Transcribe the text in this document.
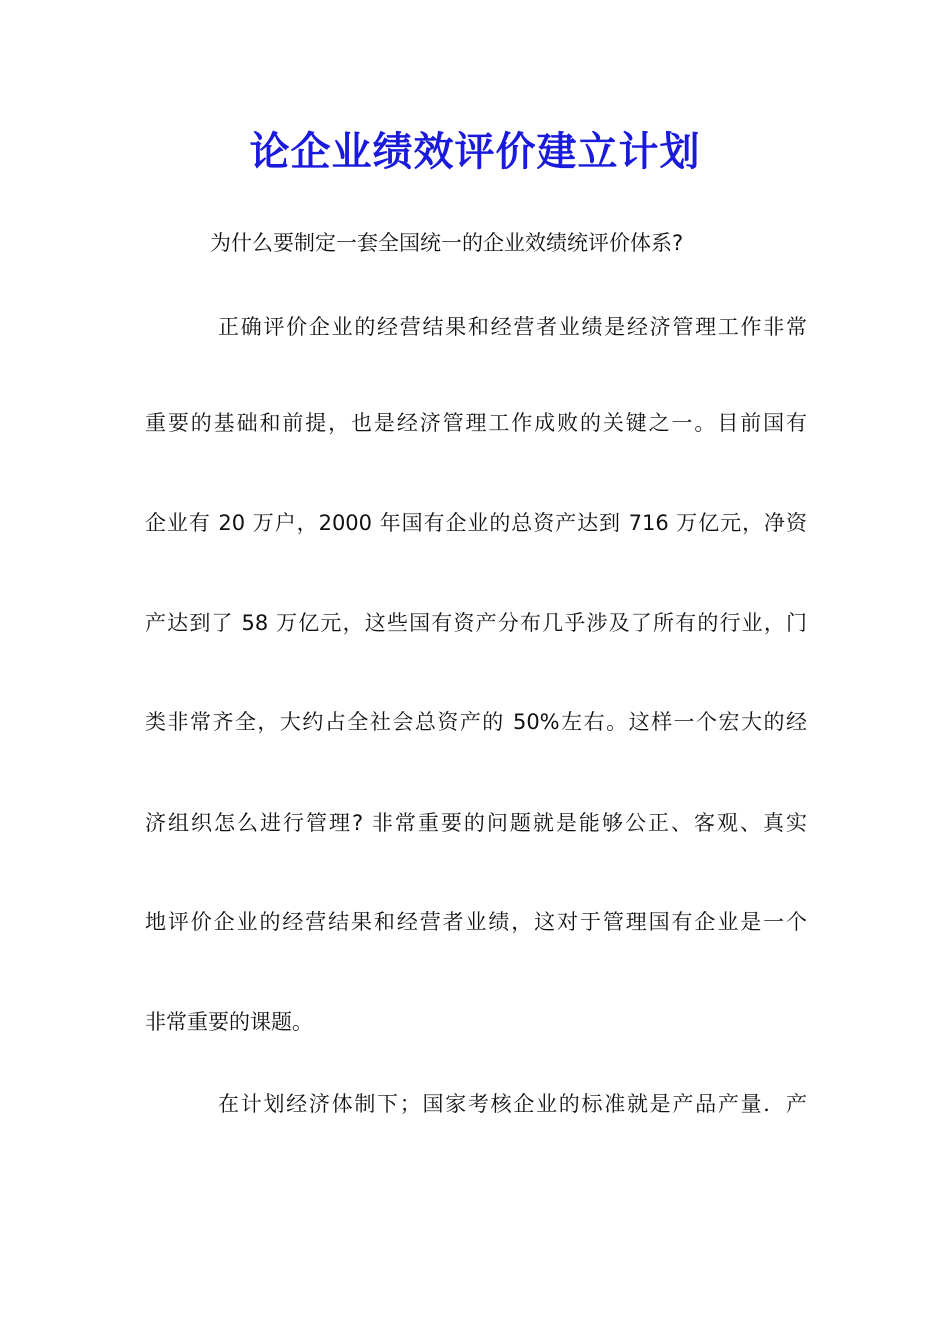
论企业绩效评价建立计划

为什么要制定一套全国统一的企业效绩统评价体系?

正确评价企业的经营结果和经营者业绩是经济管理工作非常

重要的基础和前提，也是经济管理工作成败的关键之一。目前国有

企业有 20 万户，2000 年国有企业的总资产达到 716 万亿元，净资

产达到了 58 万亿元，这些国有资产分布几乎涉及了所有的行业，门

类非常齐全，大约占全社会总资产的 50%左右。这样一个宏大的经

济组织怎么进行管理? 非常重要的问题就是能够公正、客观、真实

地评价企业的经营结果和经营者业绩，这对于管理国有企业是一个

非常重要的课题。

在计划经济体制下；国家考核企业的标准就是产品产量．产
